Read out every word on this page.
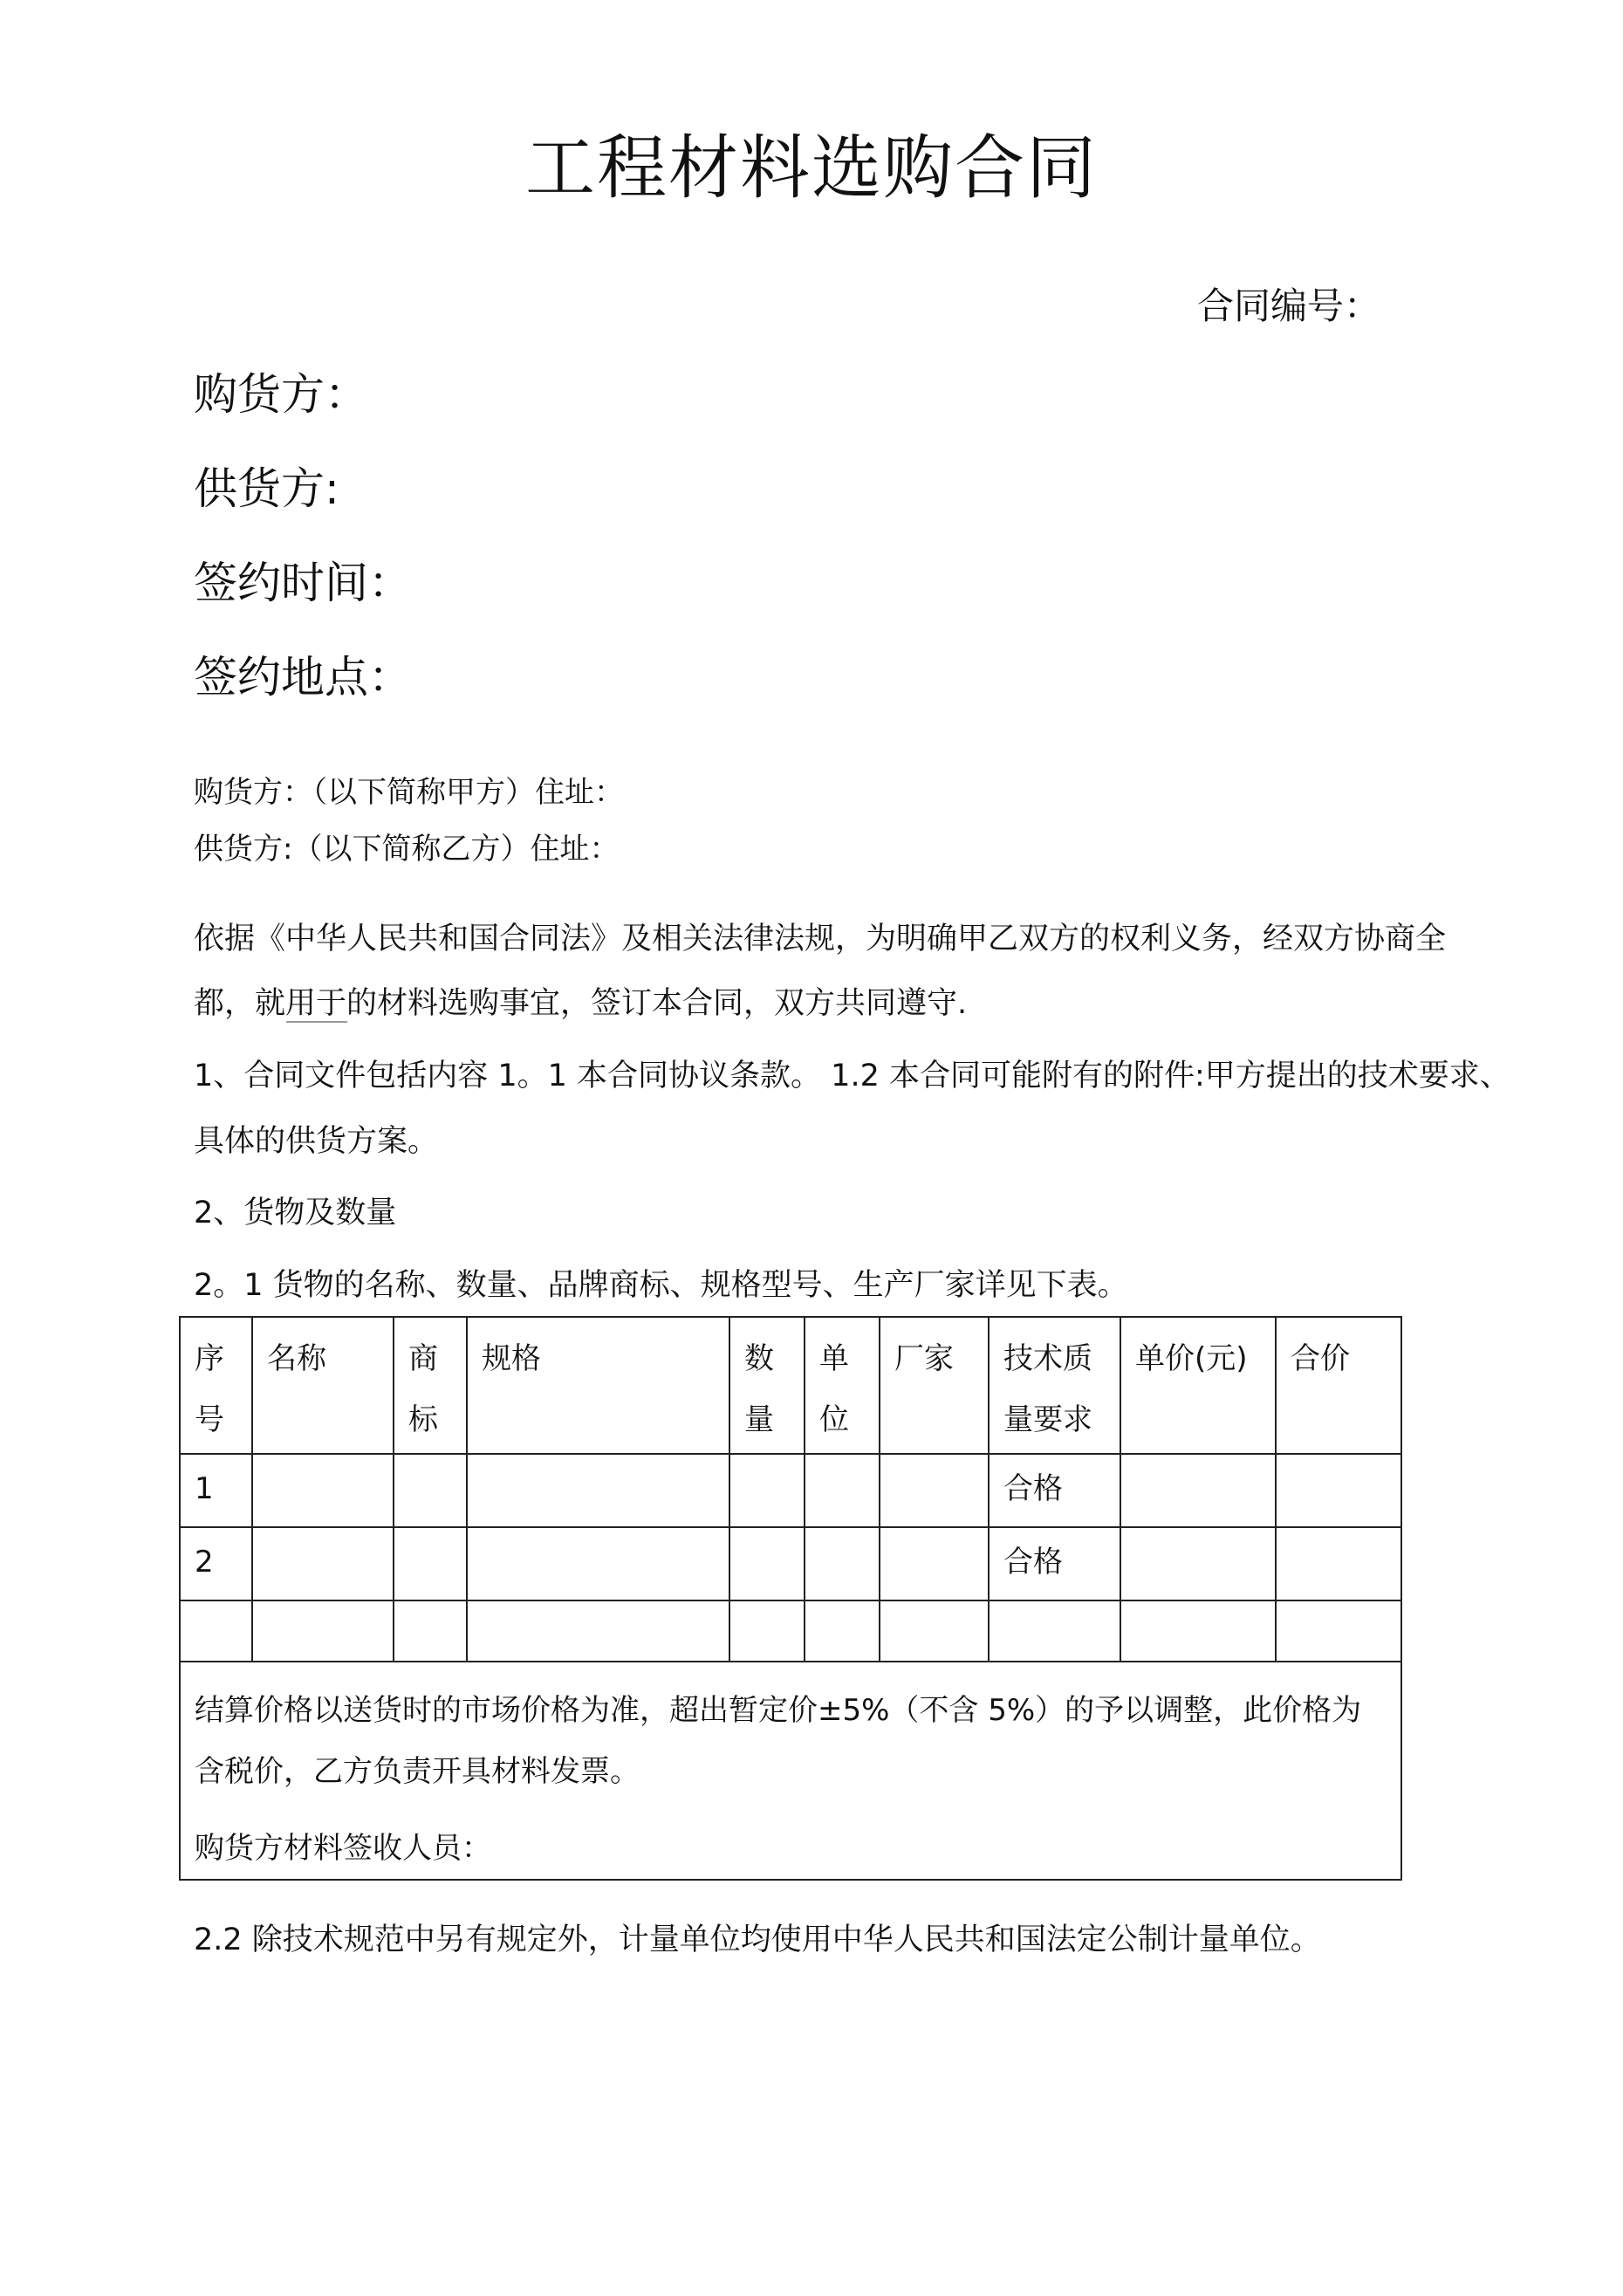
工程材料选购合同
合同编号：
购货方：
供货方:
签约时间：
签约地点：
购货方：（以下简称甲方）住址：
供货方:（以下简称乙方）住址：
依据《中华人民共和国合同法》及相关法律法规，为明确甲乙双方的权利义务，经双方协商全
都，就用于的材料选购事宜，签订本合同，双方共同遵守.
1、合同文件包括内容 1。1 本合同协议条款。 1.2 本合同可能附有的附件:甲方提出的技术要求、
具体的供货方案。
2、货物及数量
2。1 货物的名称、数量、品牌商标、规格型号、生产厂家详见下表。
序号	名称	商标	规格	数量	单位	厂家	技术质量要求	单价(元)	合价
1							合格		
2							合格		

结算价格以送货时的市场价格为准，超出暂定价±5%（不含 5%）的予以调整，此价格为

含税价，乙方负责开具材料发票。

购货方材料签收人员：									

2.2 除技术规范中另有规定外，计量单位均使用中华人民共和国法定公制计量单位。
